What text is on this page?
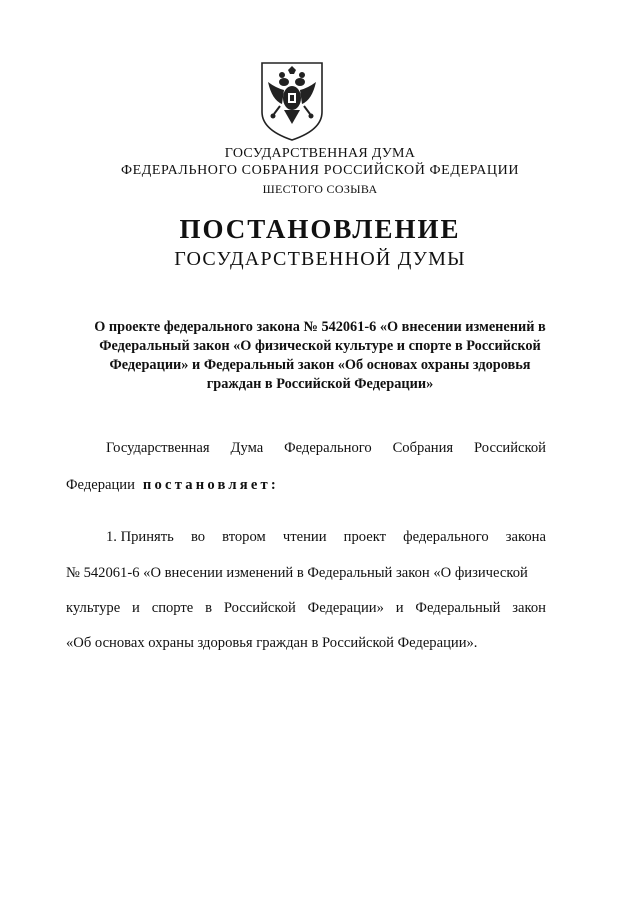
ГОСУДАРСТВЕННАЯ ДУМА
ФЕДЕРАЛЬНОГО СОБРАНИЯ РОССИЙСКОЙ ФЕДЕРАЦИИ
ШЕСТОГО СОЗЫВА
ПОСТАНОВЛЕНИЕ
ГОСУДАРСТВЕННОЙ ДУМЫ
О проекте федерального закона № 542061-6 «О внесении изменений в
Федеральный закон «О физической культуре и спорте в Российской
Федерации» и Федеральный закон «Об основах охраны здоровья
граждан в Российской Федерации»
Государственная Дума Федерального Собрания Российской
Федерации постановляет:
1. Принять во втором чтении проект федерального закона
№ 542061-6 «О внесении изменений в Федеральный закон «О физической
культуре и спорте в Российской Федерации» и Федеральный закон
«Об основах охраны здоровья граждан в Российской Федерации».
